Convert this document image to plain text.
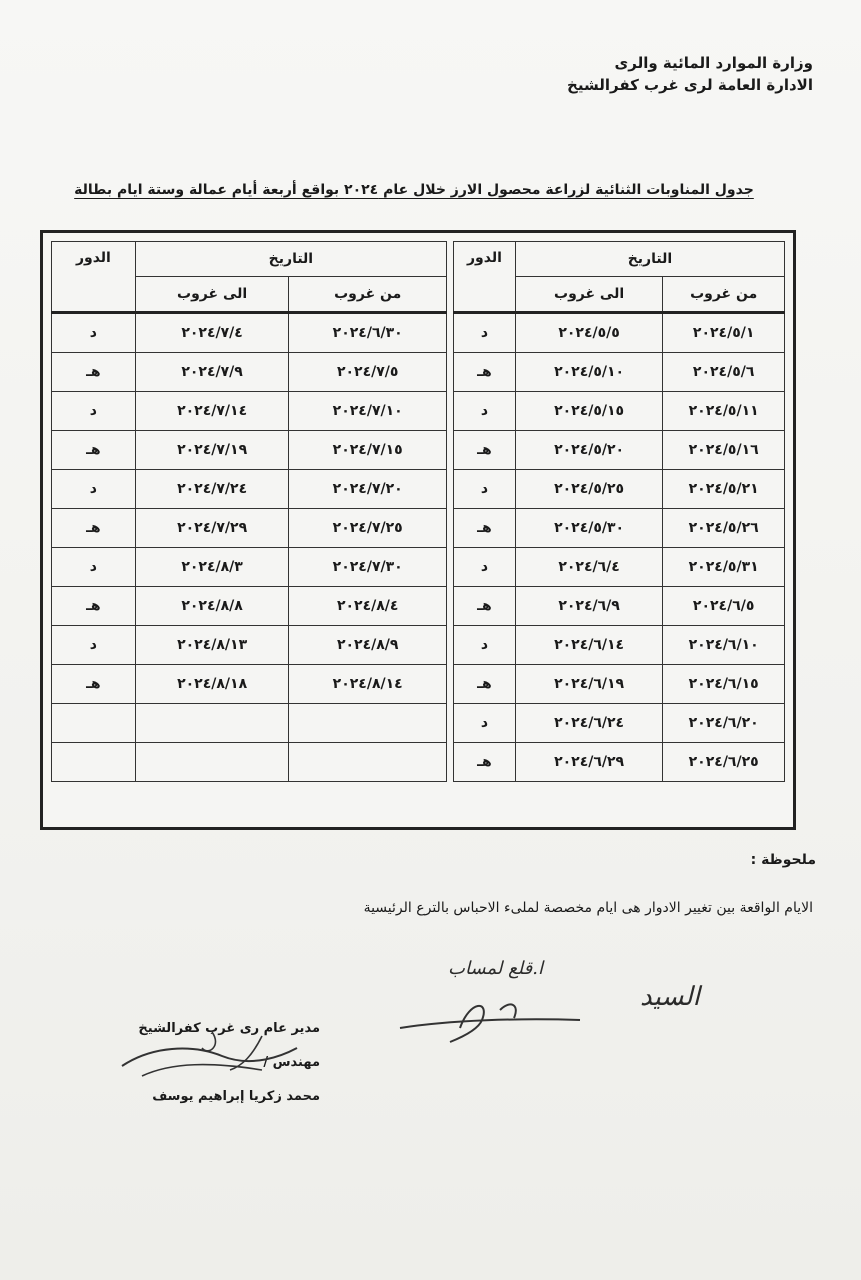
وزارة الموارد المائية والرى
الادارة العامة لرى غرب كفرالشيخ
جدول المناوبات الثنائية لزراعة محصول الارز خلال عام ٢٠٢٤ بواقع أربعة أيام عمالة وستة ايام بطالة
التاريخ		الدور
من غروب	الى غروب	
٢٠٢٤/٥/١	٢٠٢٤/٥/٥	د
٢٠٢٤/٥/٦	٢٠٢٤/٥/١٠	هـ
٢٠٢٤/٥/١١	٢٠٢٤/٥/١٥	د
٢٠٢٤/٥/١٦	٢٠٢٤/٥/٢٠	هـ
٢٠٢٤/٥/٢١	٢٠٢٤/٥/٢٥	د
٢٠٢٤/٥/٢٦	٢٠٢٤/٥/٣٠	هـ
٢٠٢٤/٥/٣١	٢٠٢٤/٦/٤	د
٢٠٢٤/٦/٥	٢٠٢٤/٦/٩	هـ
٢٠٢٤/٦/١٠	٢٠٢٤/٦/١٤	د
٢٠٢٤/٦/١٥	٢٠٢٤/٦/١٩	هـ
٢٠٢٤/٦/٢٠	٢٠٢٤/٦/٢٤	د
٢٠٢٤/٦/٢٥	٢٠٢٤/٦/٢٩	هـ
التاريخ		الدور
من غروب	الى غروب	
٢٠٢٤/٦/٣٠	٢٠٢٤/٧/٤	د
٢٠٢٤/٧/٥	٢٠٢٤/٧/٩	هـ
٢٠٢٤/٧/١٠	٢٠٢٤/٧/١٤	د
٢٠٢٤/٧/١٥	٢٠٢٤/٧/١٩	هـ
٢٠٢٤/٧/٢٠	٢٠٢٤/٧/٢٤	د
٢٠٢٤/٧/٢٥	٢٠٢٤/٧/٢٩	هـ
٢٠٢٤/٧/٣٠	٢٠٢٤/٨/٣	د
٢٠٢٤/٨/٤	٢٠٢٤/٨/٨	هـ
٢٠٢٤/٨/٩	٢٠٢٤/٨/١٣	د
٢٠٢٤/٨/١٤	٢٠٢٤/٨/١٨	هـ

ملحوظة :
الايام الواقعة بين تغيير الادوار هى ايام مخصصة لملىء الاحباس بالترع الرئيسية
السيد
ا.قلع لمساب
مدير عام رى غرب كفرالشيخ
مهندس /
محمد زكريا إبراهيم يوسف
